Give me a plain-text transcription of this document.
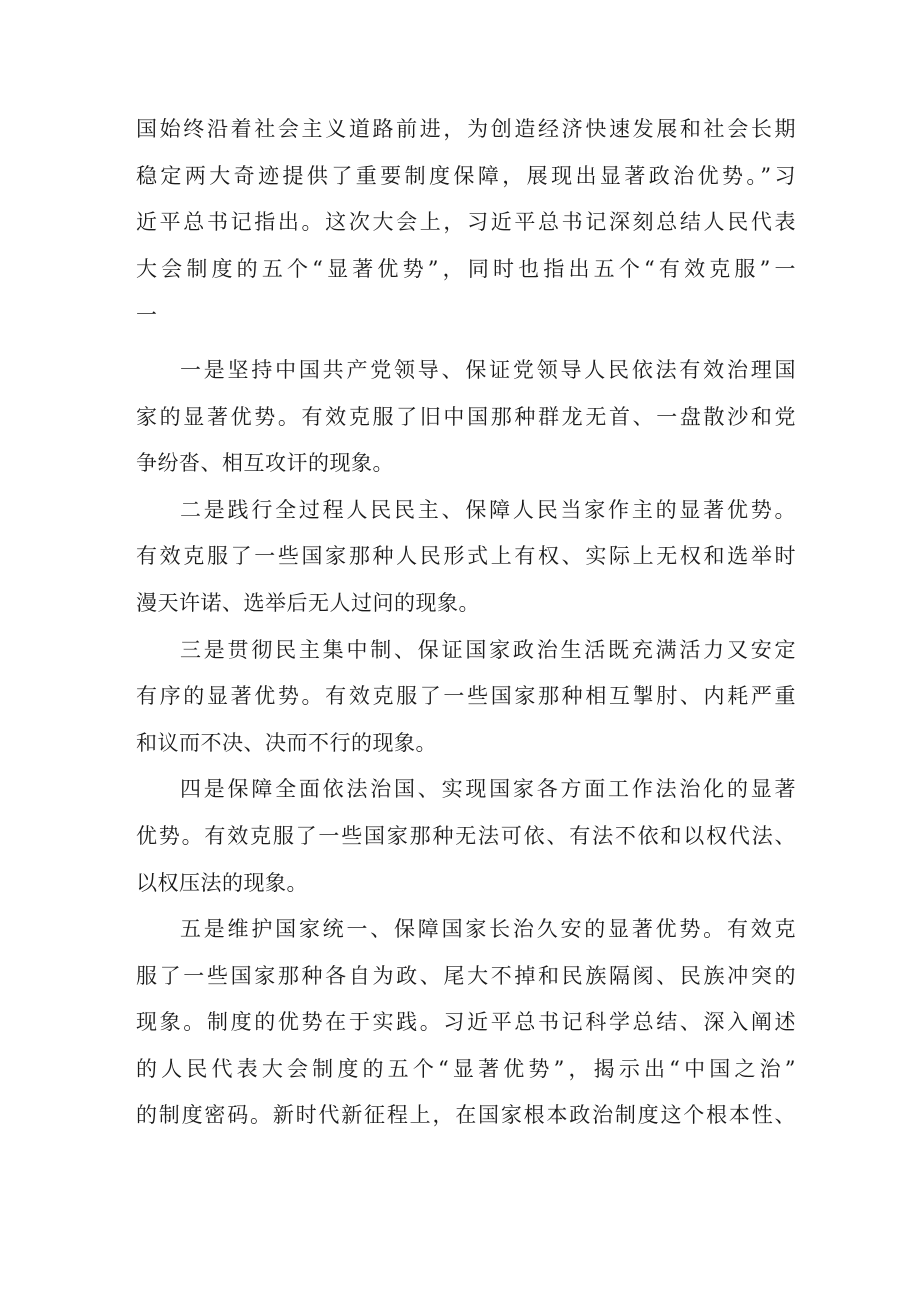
国始终沿着社会主义道路前进，为创造经济快速发展和社会长期
稳定两大奇迹提供了重要制度保障，展现出显著政治优势。”习
近平总书记指出。这次大会上，习近平总书记深刻总结人民代表
大会制度的五个“显著优势”，同时也指出五个“有效克服”一
一
一是坚持中国共产党领导、保证党领导人民依法有效治理国
家的显著优势。有效克服了旧中国那种群龙无首、一盘散沙和党
争纷沓、相互攻讦的现象。
二是践行全过程人民民主、保障人民当家作主的显著优势。
有效克服了一些国家那种人民形式上有权、实际上无权和选举时
漫天许诺、选举后无人过问的现象。
三是贯彻民主集中制、保证国家政治生活既充满活力又安定
有序的显著优势。有效克服了一些国家那种相互掣肘、内耗严重
和议而不决、决而不行的现象。
四是保障全面依法治国、实现国家各方面工作法治化的显著
优势。有效克服了一些国家那种无法可依、有法不依和以权代法、
以权压法的现象。
五是维护国家统一、保障国家长治久安的显著优势。有效克
服了一些国家那种各自为政、尾大不掉和民族隔阂、民族冲突的
现象。制度的优势在于实践。习近平总书记科学总结、深入阐述
的人民代表大会制度的五个“显著优势”，揭示出“中国之治”
的制度密码。新时代新征程上，在国家根本政治制度这个根本性、
